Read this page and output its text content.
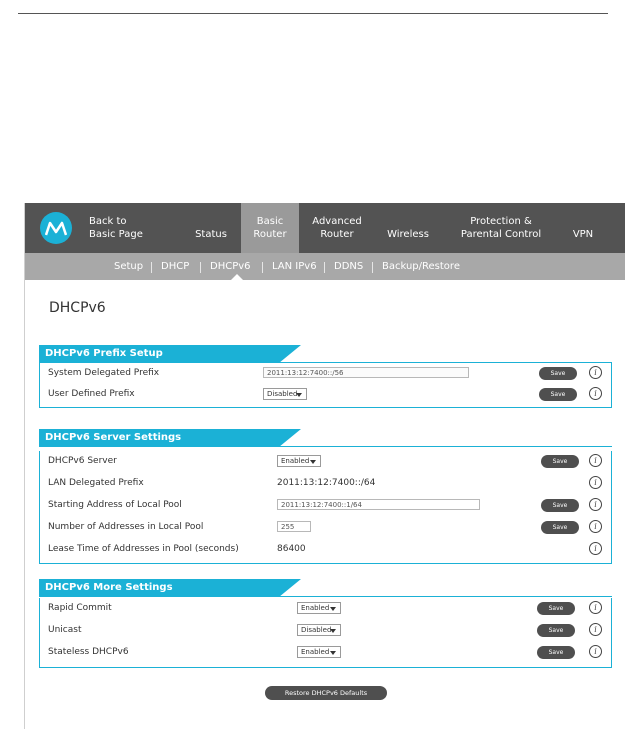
Back to
Basic Page	Status
Basic
Router
Advanced
Router	Wireless
Protection &
Parental Control	VPN
Setup DHCP DHCPv6 LAN IPv6 DDNS Backup/Restore
DHCPv6
DHCPv6 Prefix Setup
System Delegated Prefix	2011:13:12:7400::/56	Save	i
User Defined Prefix	Disabled	Save	i
DHCPv6 Server Settings
DHCPv6 Server	Enabled	Save	i
LAN Delegated Prefix	2011:13:12:7400::/64	i
Starting Address of Local Pool	2011:13:12:7400::1/64	Save	i
Number of Addresses in Local Pool	255	Save	i
Lease Time of Addresses in Pool (seconds)	86400	i
DHCPv6 More Settings
Rapid Commit	Enabled	Save	i
Unicast	Disabled	Save	i
Stateless DHCPv6	Enabled	Save	i
Restore DHCPv6 Defaults
